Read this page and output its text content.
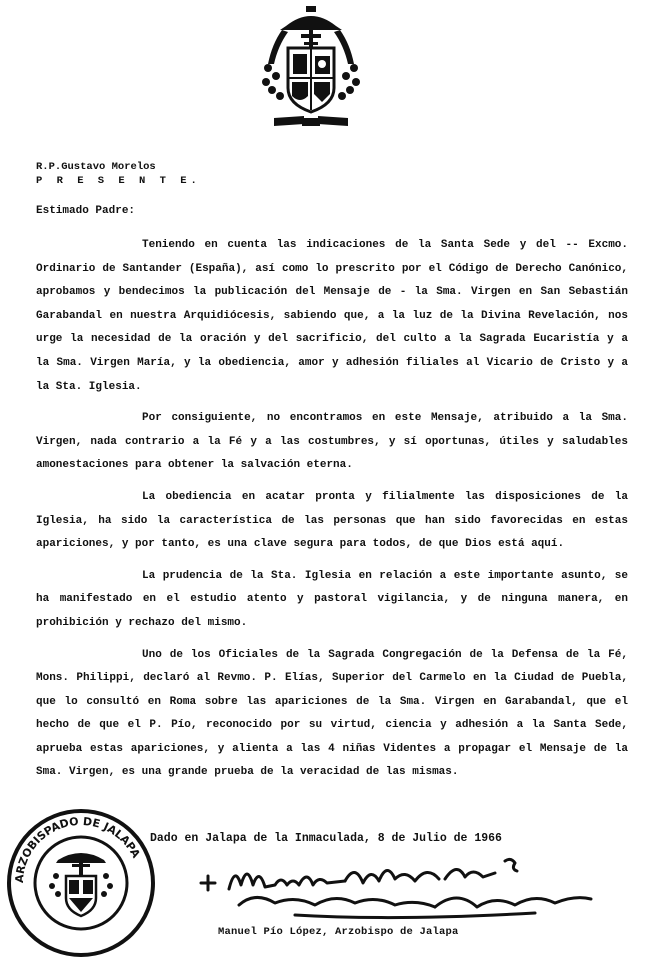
R.P.Gustavo Morelos
P R E S E N T E.
Estimado Padre:

Teniendo en cuenta las indicaciones de la Santa Sede y del -- Excmo. Ordinario de Santander (España), así como lo prescrito por el Código de Derecho Canónico, aprobamos y bendecimos la publicación del Mensaje de - la Sma. Virgen en San Sebastián Garabandal en nuestra Arquidiócesis, sabiendo que, a la luz de la Divina Revelación, nos urge la necesidad de la oración y del sacrificio, del culto a la Sagrada Eucaristía y a la Sma. Virgen María, y la obediencia, amor y adhesión filiales al Vicario de Cristo y a la Sta. Iglesia.

Por consiguiente, no encontramos en este Mensaje, atribuido a la Sma. Virgen, nada contrario a la Fé y a las costumbres, y sí oportunas, útiles y saludables amonestaciones para obtener la salvación eterna.

La obediencia en acatar pronta y filialmente las disposiciones de la Iglesia, ha sido la característica de las personas que han sido favorecidas en estas apariciones, y por tanto, es una clave segura para todos, de que Dios está aquí.

La prudencia de la Sta. Iglesia en relación a este importante asunto, se ha manifestado en el estudio atento y pastoral vigilancia, y de ninguna manera, en prohibición y rechazo del mismo.

Uno de los Oficiales de la Sagrada Congregación de la Defensa de la Fé, Mons. Philippi, declaró al Revmo. P. Elías, Superior del Carmelo en la Ciudad de Puebla, que lo consultó en Roma sobre las apariciones de la Sma. Virgen en Garabandal, que el hecho de que el P. Pío, reconocido por su virtud, ciencia y adhesión a la Santa Sede, aprueba estas apariciones, y alienta a las 4 niñas Videntes a propagar el Mensaje de la Sma. Virgen, es una grande prueba de la veracidad de las mismas.

ARZOBISPADO DE JALAPA
Dado en Jalapa de la Inmaculada, 8 de Julio de 1966
Manuel Pío López, Arzobispo de Jalapa
